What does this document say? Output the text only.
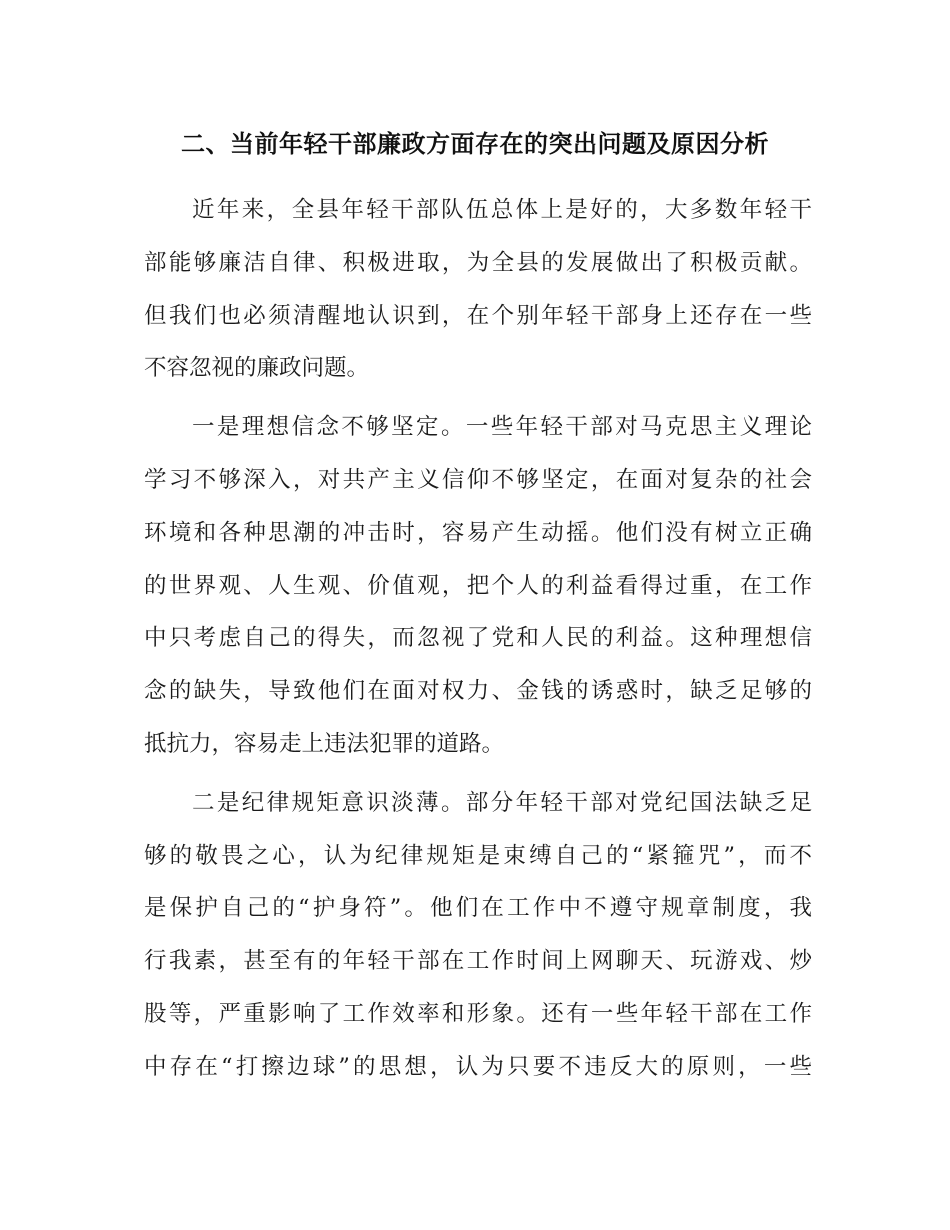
二、当前年轻干部廉政方面存在的突出问题及原因分析
近年来，全县年轻干部队伍总体上是好的，大多数年轻干
部能够廉洁自律、积极进取，为全县的发展做出了积极贡献。
但我们也必须清醒地认识到，在个别年轻干部身上还存在一些
不容忽视的廉政问题。
一是理想信念不够坚定。一些年轻干部对马克思主义理论
学习不够深入，对共产主义信仰不够坚定，在面对复杂的社会
环境和各种思潮的冲击时，容易产生动摇。他们没有树立正确
的世界观、人生观、价值观，把个人的利益看得过重，在工作
中只考虑自己的得失，而忽视了党和人民的利益。这种理想信
念的缺失，导致他们在面对权力、金钱的诱惑时，缺乏足够的
抵抗力，容易走上违法犯罪的道路。
二是纪律规矩意识淡薄。部分年轻干部对党纪国法缺乏足
够的敬畏之心，认为纪律规矩是束缚自己的“紧箍咒”，而不
是保护自己的“护身符”。他们在工作中不遵守规章制度，我
行我素，甚至有的年轻干部在工作时间上网聊天、玩游戏、炒
股等，严重影响了工作效率和形象。还有一些年轻干部在工作
中存在“打擦边球”的思想，认为只要不违反大的原则，一些
